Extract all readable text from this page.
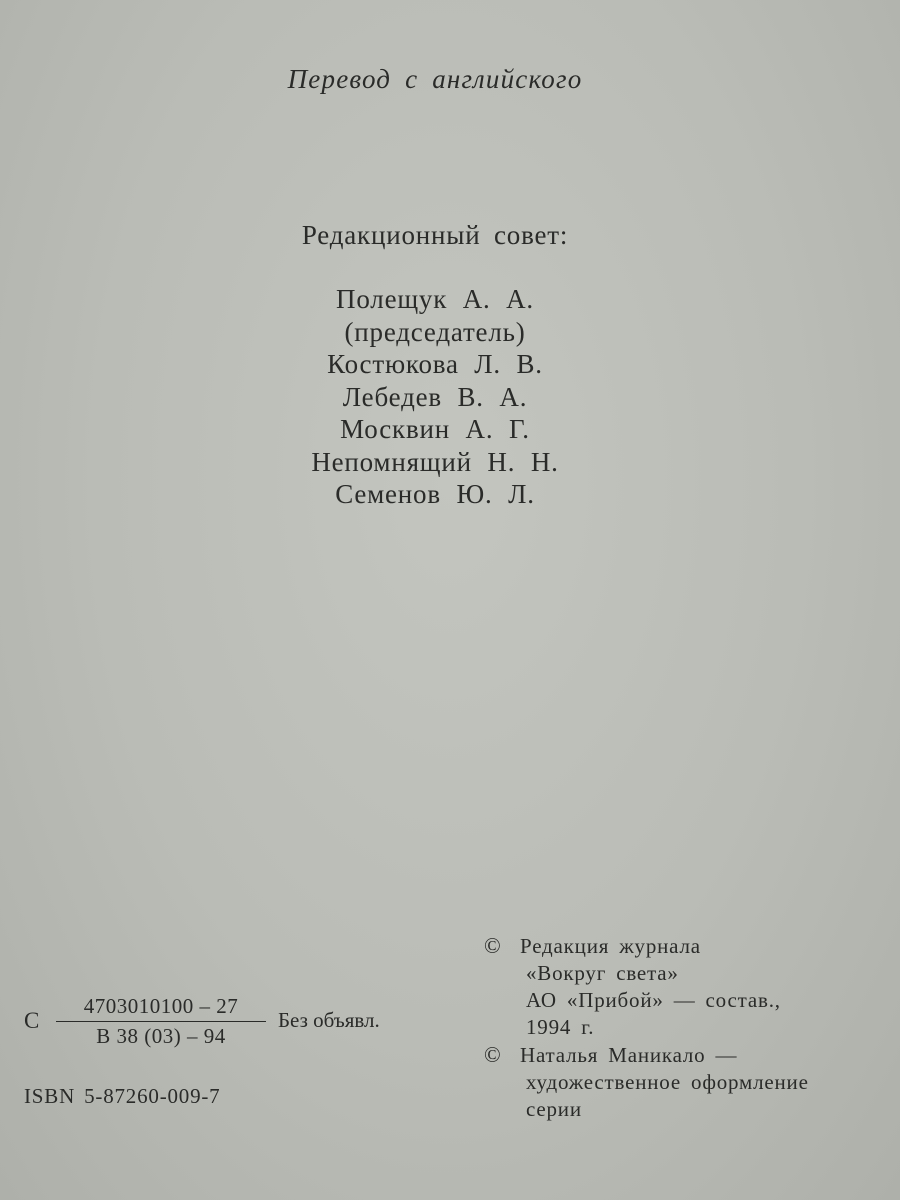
Перевод с английского
Редакционный совет:
Полещук А. А.
(председатель)
Костюкова Л. В.
Лебедев В. А.
Москвин А. Г.
Непомнящий Н. Н.
Семенов Ю. Л.
С
4703010100 – 27
В 38 (03) – 94
Без объявл.
ISBN 5-87260-009-7
© Редакция журнала
«Вокруг света»
АО «Прибой» — состав.,
1994 г.
© Наталья Маникало —
художественное оформление
серии
